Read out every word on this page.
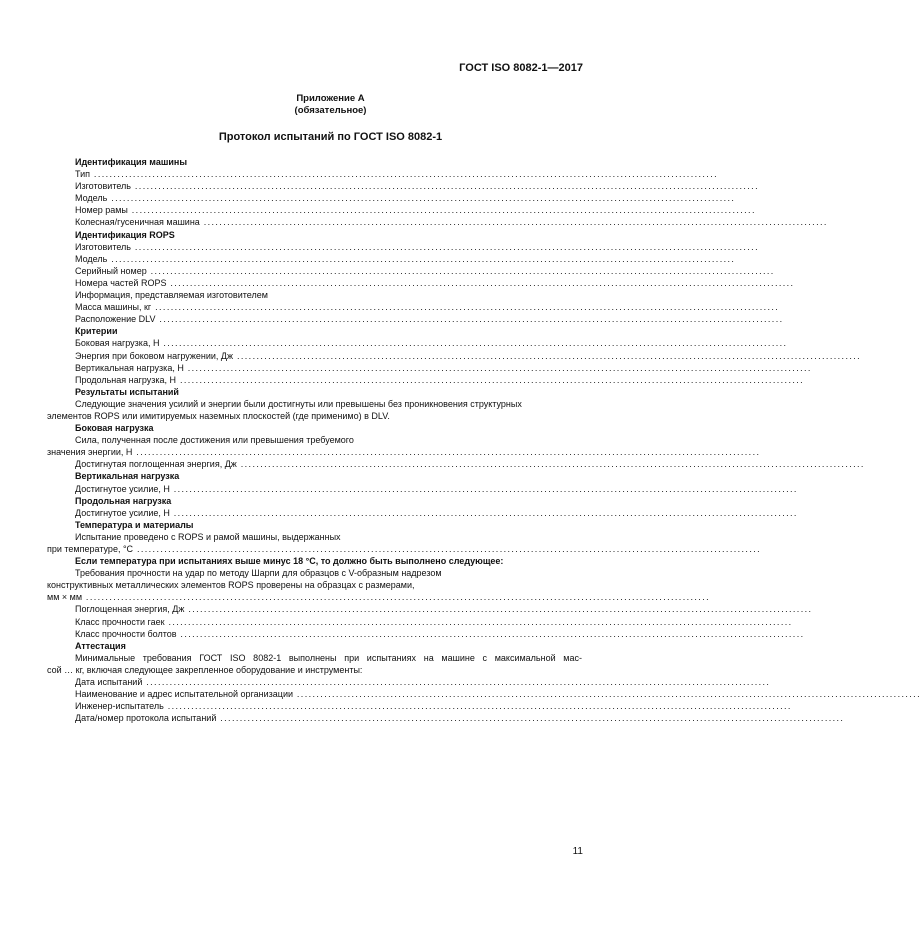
ГОСТ ISO 8082-1—2017
Приложение А
(обязательное)
Протокол испытаний по ГОСТ ISO 8082-1
Идентификация машины
Тип ................................................................................................................................................................
Изготовитель ................................................................................................................................................................
Модель ................................................................................................................................................................
Номер рамы ................................................................................................................................................................
Колесная/гусеничная машина ................................................................................................................................................................
Идентификация ROPS
Изготовитель ................................................................................................................................................................
Модель ................................................................................................................................................................
Серийный номер ................................................................................................................................................................
Номера частей ROPS ................................................................................................................................................................
Информация, представляемая изготовителем
Масса машины, кг ................................................................................................................................................................
Расположение DLV ................................................................................................................................................................
Критерии
Боковая нагрузка, Н ................................................................................................................................................................
Энергия при боковом нагружении, Дж ................................................................................................................................................................
Вертикальная нагрузка, Н ................................................................................................................................................................
Продольная нагрузка, Н ................................................................................................................................................................
Результаты испытаний
Следующие значения усилий и энергии были достигнуты или превышены без проникновения структурных
элементов ROPS или имитируемых наземных плоскостей (где применимо) в DLV.
Боковая нагрузка
Сила, полученная после достижения или превышения требуемого
значения энергии, Н ................................................................................................................................................................
Достигнутая поглощенная энергия, Дж ................................................................................................................................................................
Вертикальная нагрузка
Достигнутое усилие, Н ................................................................................................................................................................
Продольная нагрузка
Достигнутое усилие, Н ................................................................................................................................................................
Температура и материалы
Испытание проведено с ROPS и рамой машины, выдержанных
при температуре, °С ................................................................................................................................................................
Если температура при испытаниях выше минус 18 °С, то должно быть выполнено следующее:
Требования прочности на удар по методу Шарпи для образцов с V-образным надрезом
конструктивных металлических элементов ROPS проверены на образцах с размерами,
мм × мм ................................................................................................................................................................
Поглощенная энергия, Дж ................................................................................................................................................................
Класс прочности гаек ................................................................................................................................................................
Класс прочности болтов ................................................................................................................................................................
Аттестация
Минимальные требования ГОСТ ISO 8082-1 выполнены при испытаниях на машине с максимальной мас-
сой … кг, включая следующее закрепленное оборудование и инструменты:
Дата испытаний ................................................................................................................................................................
Наименование и адрес испытательной организации ................................................................................................................................................................
Инженер-испытатель ................................................................................................................................................................
Дата/номер протокола испытаний ................................................................................................................................................................
11
